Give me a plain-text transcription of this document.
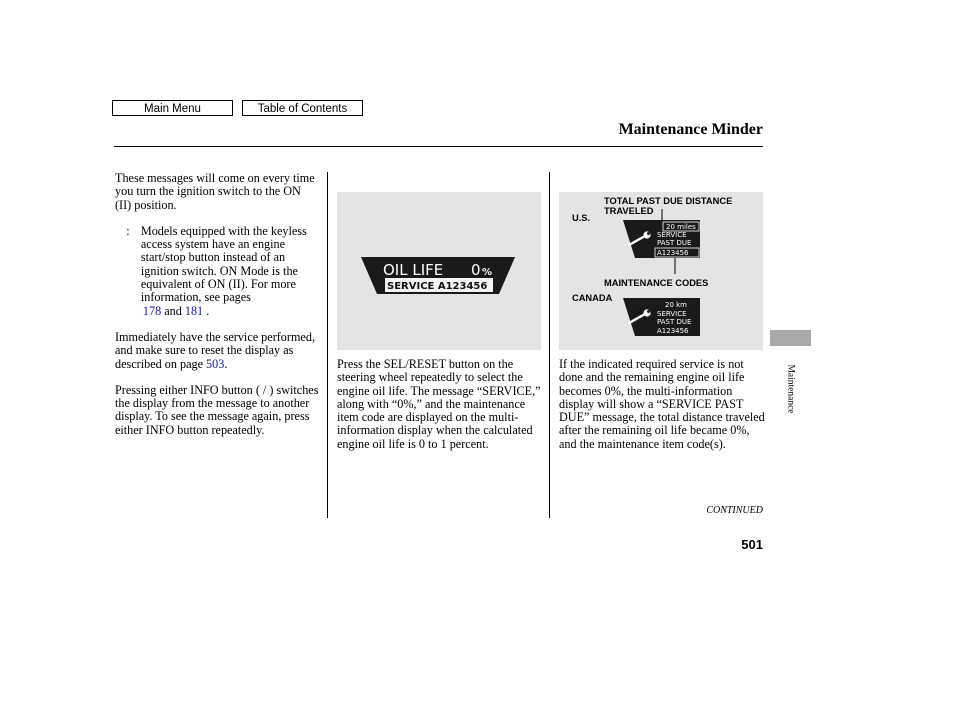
Main Menu	Table of Contents
Maintenance Minder

These messages will come on every time you turn the ignition switch to the ON (II) position.

: Models equipped with the keyless access system have an engine start/stop button instead of an ignition switch. ON Mode is the equivalent of ON (II). For more information, see pages
178 and 181 .

Immediately have the service performed, and make sure to reset the display as described on page 503.

Pressing either INFO button ( / ) switches the display from the message to another display. To see the message again, press either INFO button repeatedly.

OIL LIFE 0 %
SERVICE A123456

Press the SEL/RESET button on the steering wheel repeatedly to select the engine oil life. The message “SERVICE,” along with “0%,” and the maintenance item code are displayed on the multi-information display when the calculated engine oil life is 0 to 1 percent.

TOTAL PAST DUE DISTANCE TRAVELED
U.S.
MAINTENANCE CODES
CANADA
20 miles
SERVICE
PAST DUE
A123456
20 km
SERVICE
PAST DUE
A123456

If the indicated required service is not done and the remaining engine oil life becomes 0%, the multi-information display will show a “SERVICE PAST DUE” message, the total distance traveled after the remaining oil life became 0%, and the maintenance item code(s).

Maintenance
CONTINUED
501
